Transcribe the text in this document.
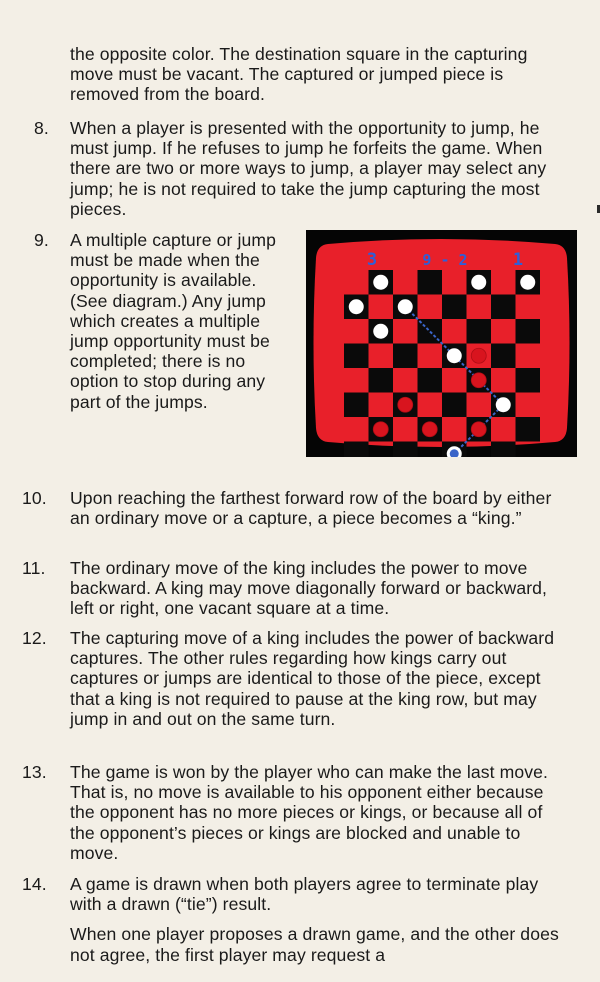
the opposite color. The destination square in the capturing move must be vacant. The captured or jumped piece is removed from the board.

8.	When a player is presented with the opportunity to jump, he must jump. If he refuses to jump he forfeits the game. When there are two or more ways to jump, a player may select any jump; he is not required to take the jump capturing the most pieces.

9.	A multiple capture or jump must be made when the opportunity is available. (See diagram.) Any jump which creates a multiple jump opportunity must be completed; there is no option to stop during any part of the jumps.

3	9 - 2	1
10. Upon reaching the farthest forward row of the board by either an ordinary move or a capture, a piece becomes a “king.”

11.	The ordinary move of the king includes the power to move backward. A king may move diagonally forward or backward, left or right, one vacant square at a time.

12. The capturing move of a king includes the power of backward captures. The other rules regarding how kings carry out captures or jumps are identical to those of the piece, except that a king is not required to pause at the king row, but may jump in and out on the same turn.

13. The game is won by the player who can make the last move. That is, no move is available to his opponent either because the opponent has no more pieces or kings, or because all of the opponent’s pieces or kings are blocked and unable to move.

14. A game is drawn when both players agree to terminate play with a drawn (“tie”) result.

When one player proposes a drawn game, and the other does not agree, the first player may request a
